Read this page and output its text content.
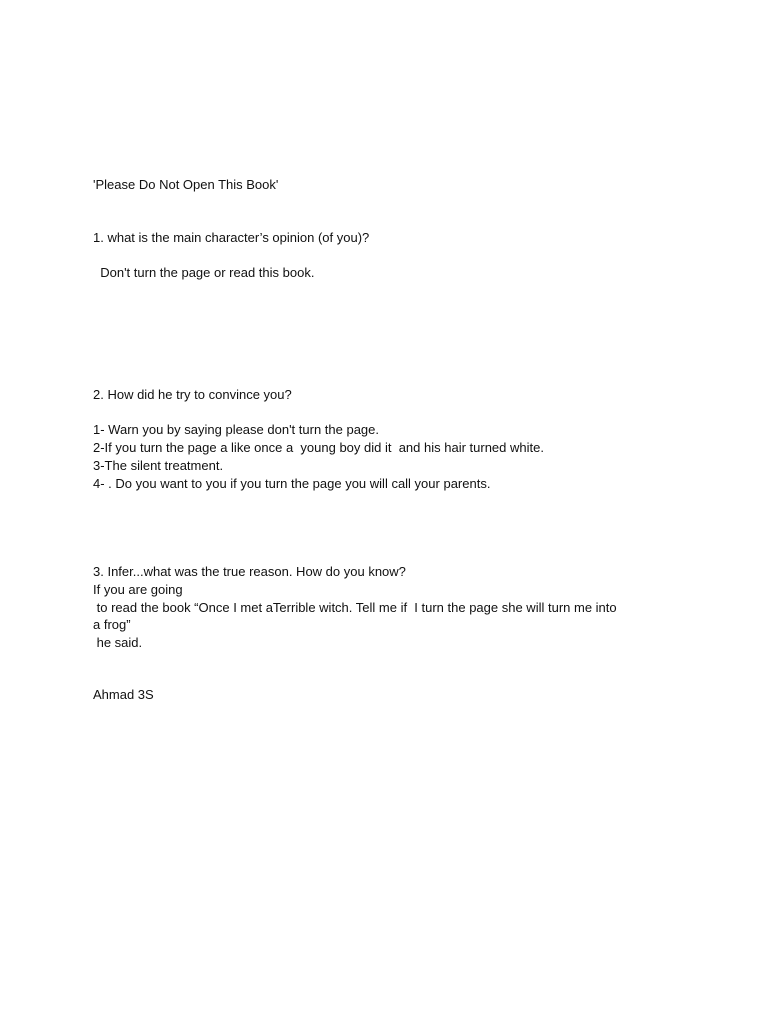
'Please Do Not Open This Book'

1. what is the main character’s opinion (of you)?

Don't turn the page or read this book.

2. How did he try to convince you?

1- Warn you by saying please don't turn the page.

2-If you turn the page a like once a  young boy did it  and his hair turned white.

3-The silent treatment.

4- . Do you want to you if you turn the page you will call your parents.

3. Infer...what was the true reason. How do you know?

If you are going

to read the book “Once I met aTerrible witch. Tell me if  I turn the page she will turn me into

a frog”

he said.

Ahmad 3S
